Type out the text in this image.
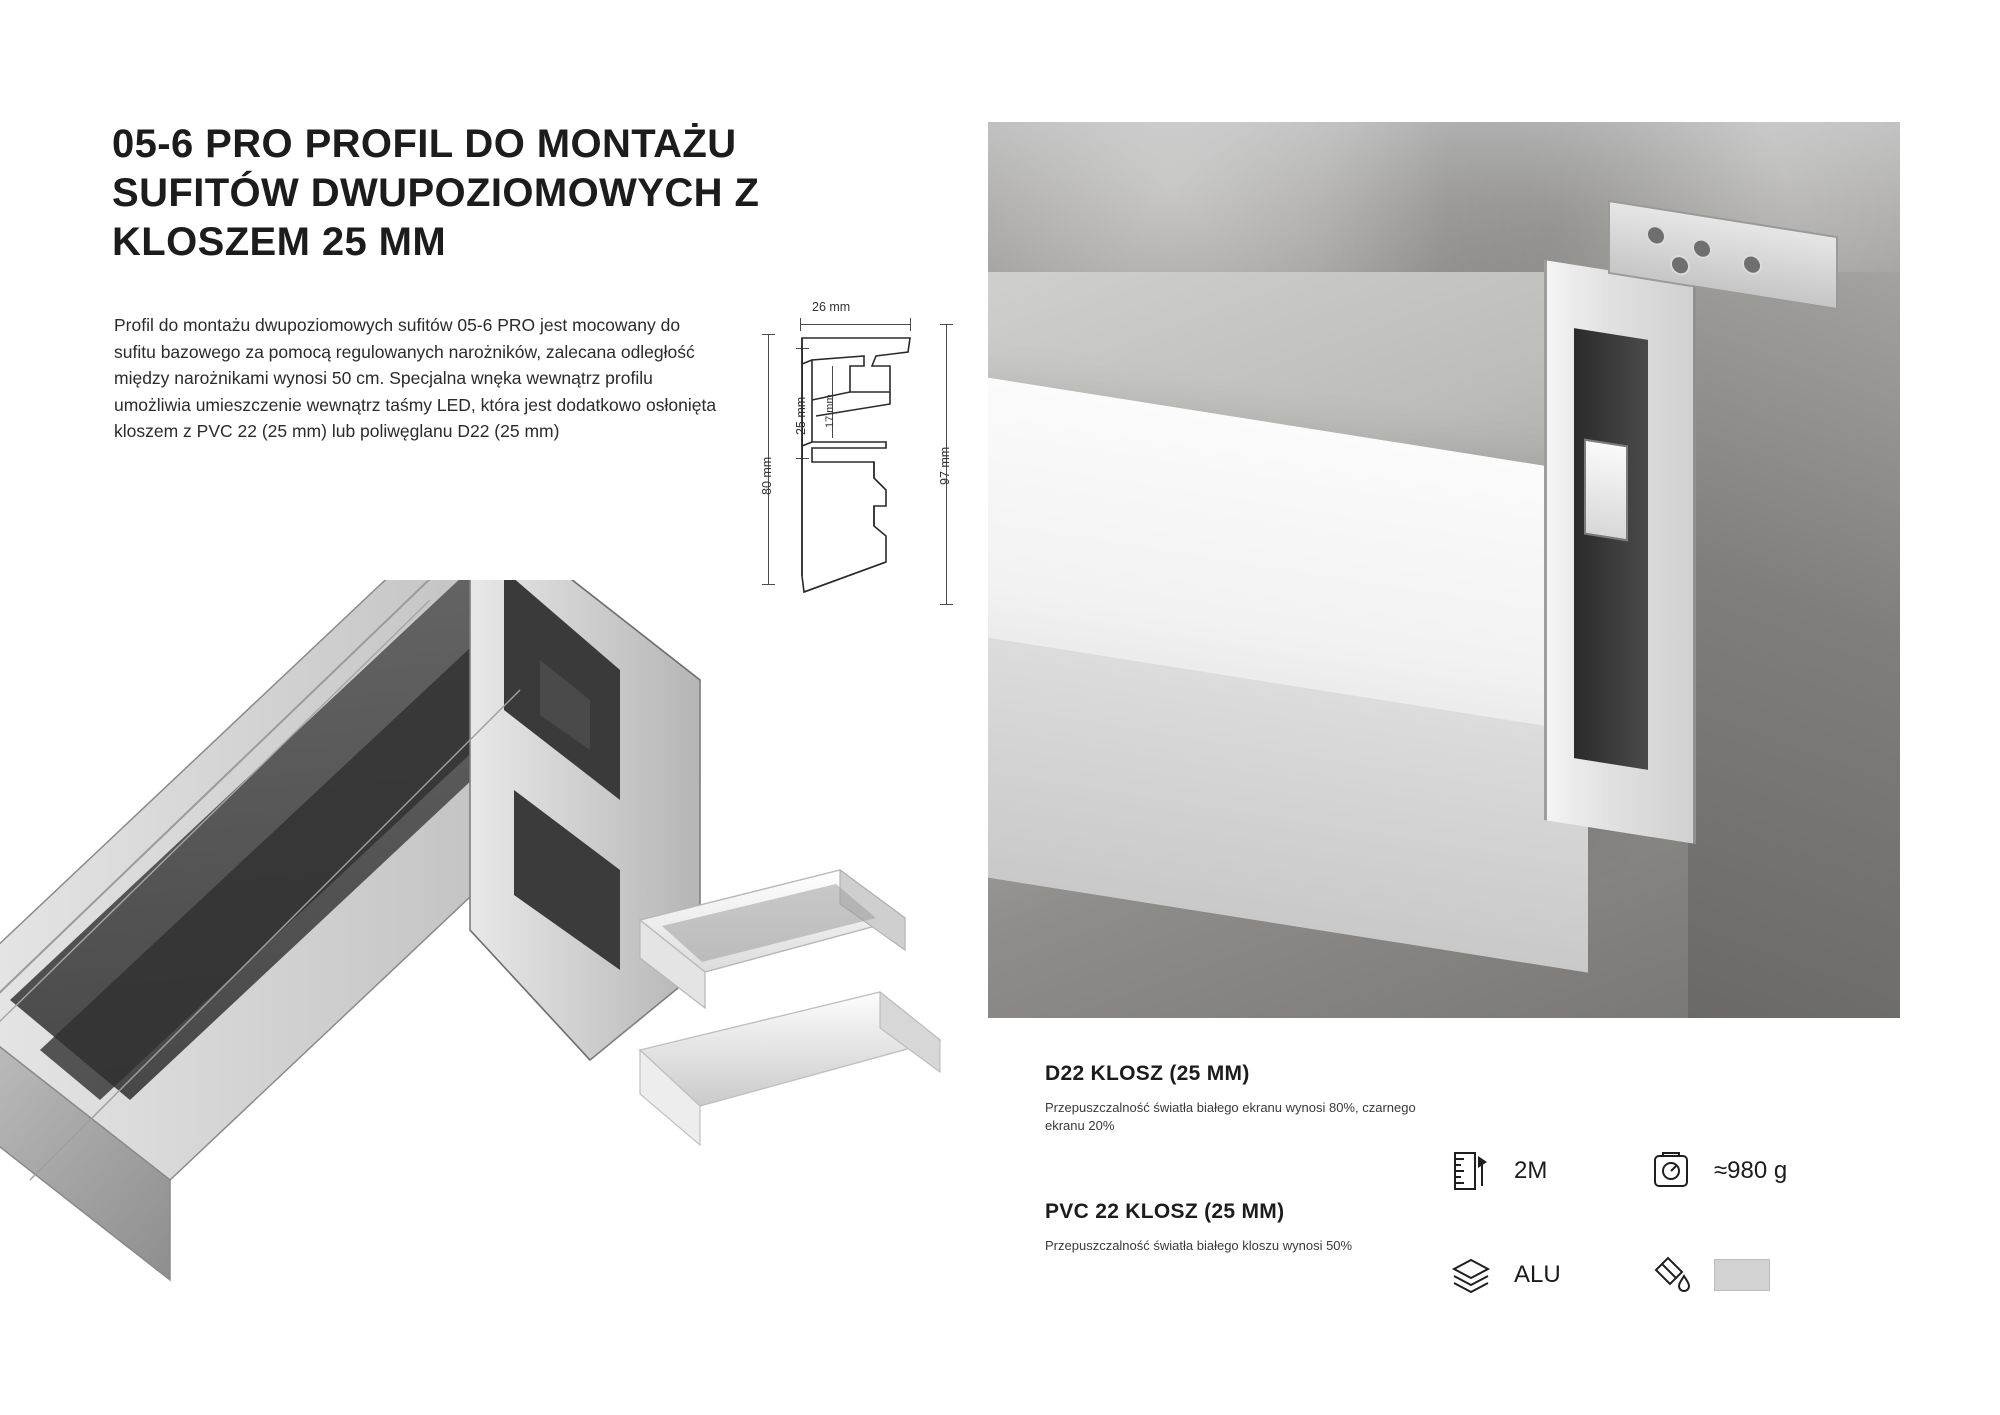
05-6 PRO PROFIL DO MONTAŻU SUFITÓW DWUPOZIOMOWYCH Z KLOSZEM 25 MM
Profil do montażu dwupoziomowych sufitów 05-6 PRO jest mocowany do sufitu bazowego za pomocą regulowanych narożników, zalecana odległość między narożnikami wynosi 50 cm. Specjalna wnęka wewnątrz profilu umożliwia umieszczenie wewnątrz taśmy LED, która jest dodatkowo osłonięta kloszem z PVC 22 (25 mm) lub poliwęglanu D22 (25 mm)
26 mm
80 mm
25 mm 17 mm
97 mm
D22 KLOSZ (25 MM)
Przepuszczalność światła białego ekranu wynosi 80%, czarnego ekranu 20%
PVC 22 KLOSZ (25 MM)
Przepuszczalność światła białego kloszu wynosi 50%
2M	≈980 g
ALU
